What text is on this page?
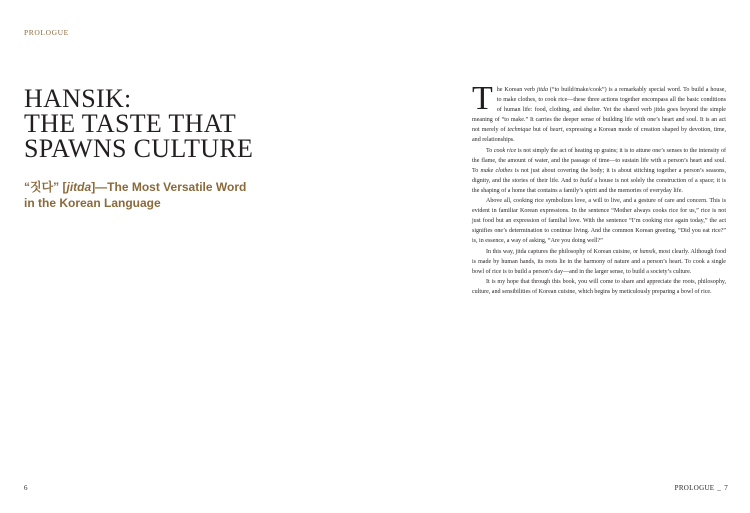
PROLOGUE
HANSIK:
THE TASTE THAT
SPAWNS CULTURE
“짓다” [jitda]—The Most Versatile Word
in the Korean Language

The Korean verb jitda (“to build/make/cook”) is a remarkably special word. To build a house, to make clothes, to cook rice—these three actions together encompass all the basic conditions of human life: food, clothing, and shelter. Yet the shared verb jitda goes beyond the simple meaning of “to make.” It carries the deeper sense of building life with one’s heart and soul. It is an act not merely of technique but of heart, expressing a Korean mode of creation shaped by devotion, time, and relationships.

To cook rice is not simply the act of heating up grains; it is to attune one’s senses to the intensity of the flame, the amount of water, and the passage of time—to sustain life with a person’s heart and soul. To make clothes is not just about covering the body; it is about stitching together a person’s seasons, dignity, and the stories of their life. And to build a house is not solely the construction of a space; it is the shaping of a home that contains a family’s spirit and the memories of everyday life.

Above all, cooking rice symbolizes love, a will to live, and a gesture of care and concern. This is evident in familiar Korean expressions. In the sentence “Mother always cooks rice for us,” rice is not just food but an expression of familial love. With the sentence “I’m cooking rice again today,” the act signifies one’s determination to continue living. And the common Korean greeting, “Did you eat rice?” is, in essence, a way of asking, “Are you doing well?”

In this way, jitda captures the philosophy of Korean cuisine, or hansik, most clearly. Although food is made by human hands, its roots lie in the harmony of nature and a person’s heart. To cook a single bowl of rice is to build a person’s day—and in the larger sense, to build a society’s culture.

It is my hope that through this book, you will come to share and appreciate the roots, philosophy, culture, and sensibilities of Korean cuisine, which begins by meticulously preparing a bowl of rice.

6	PROLOGUE _ 7
